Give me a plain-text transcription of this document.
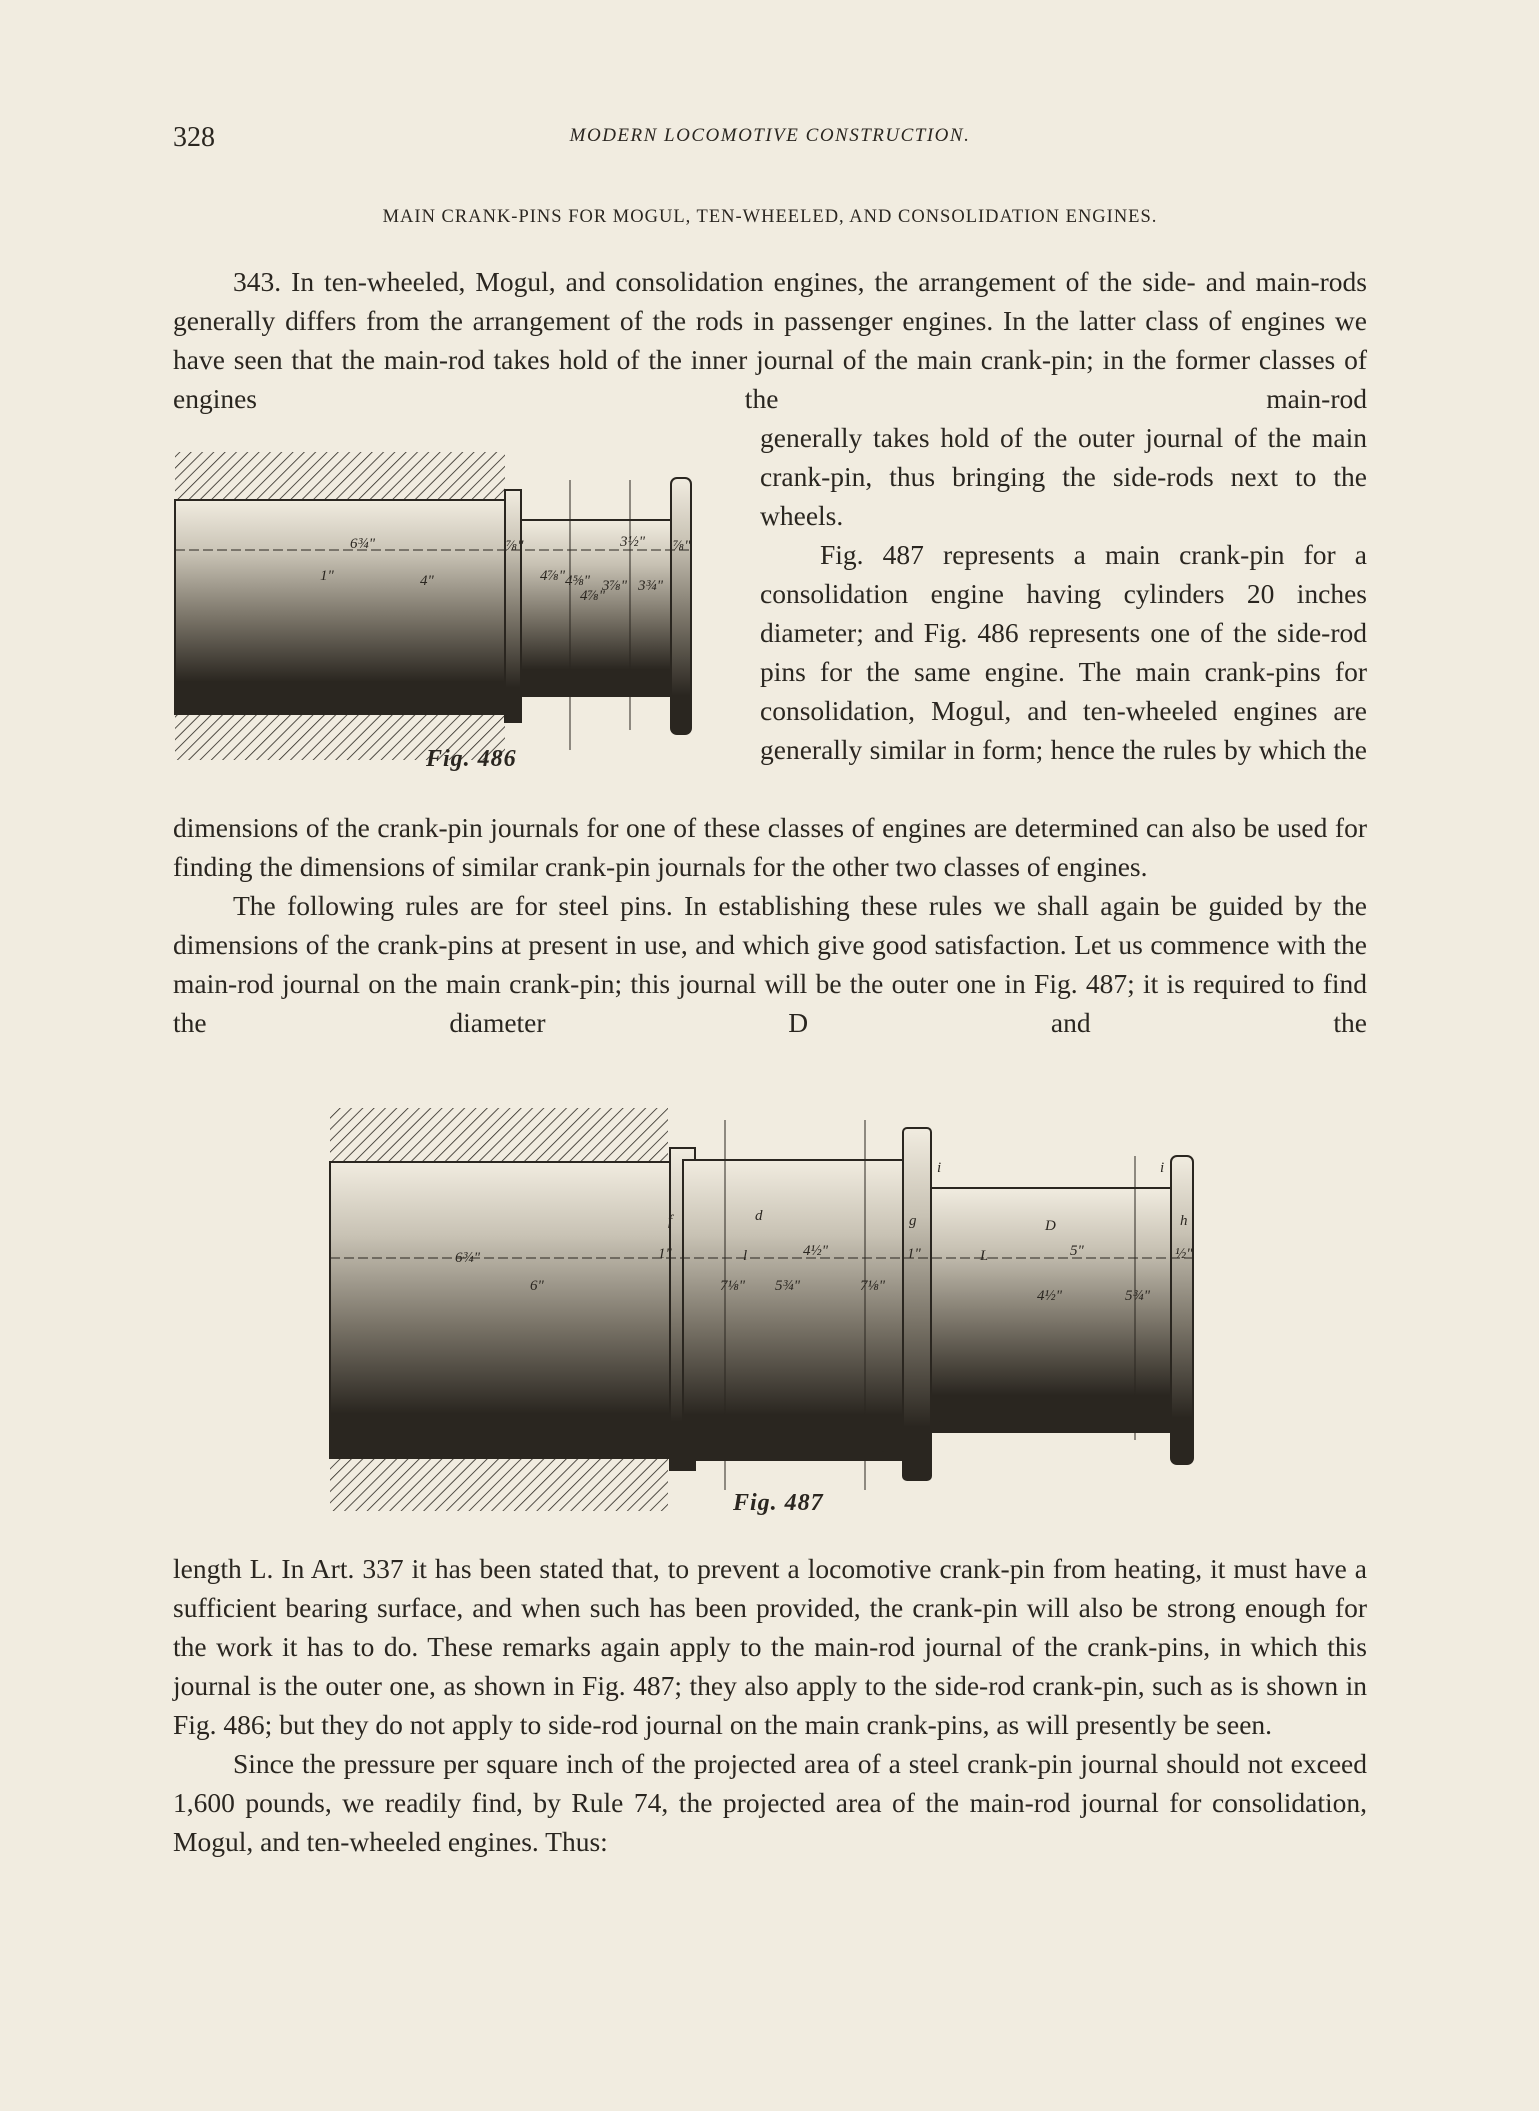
328	MODERN LOCOMOTIVE CONSTRUCTION.
MAIN CRANK-PINS FOR MOGUL, TEN-WHEELED, AND CONSOLIDATION ENGINES.

343. In ten-wheeled, Mogul, and consolidation engines, the arrangement of the side- and main-rods generally differs from the arrangement of the rods in passenger engines. In the latter class of engines we have seen that the main-rod takes hold of the inner journal of the main crank-pin; in the former classes of engines the main-rod

generally takes hold of the outer journal of the main crank-pin, thus bringing the side-rods next to the wheels.

Fig. 487 represents a main crank-pin for a consolidation engine having cylinders 20 inches diameter; and Fig. 486 represents one of the side-rod pins for the same engine. The main crank-pins for consolidation, Mogul, and ten-wheeled engines are generally similar in form; hence the rules by which the

dimensions of the crank-pin journals for one of these classes of engines are determined can also be used for finding the dimensions of similar crank-pin journals for the other two classes of engines.

The following rules are for steel pins. In establishing these rules we shall again be guided by the dimensions of the crank-pins at present in use, and which give good satisfaction. Let us commence with the main-rod journal on the main crank-pin; this journal will be the outer one in Fig. 487; it is required to find the diameter D and the

6¾"
1"	4"	4⅞" 4⅝"
3½"
3⅞" 3¾"
4⅞"
⅞"	⅞"
Fig. 486
6¾"
6"	7⅛" 5¾"
4½"
7⅛"
5"
4½"	5¾"
1"	½"
1"
f
l
d	g
i
i
i
i
L
D	h
Fig. 487

length L. In Art. 337 it has been stated that, to prevent a locomotive crank-pin from heating, it must have a sufficient bearing surface, and when such has been provided, the crank-pin will also be strong enough for the work it has to do. These remarks again apply to the main-rod journal of the crank-pins, in which this journal is the outer one, as shown in Fig. 487; they also apply to the side-rod crank-pin, such as is shown in Fig. 486; but they do not apply to side-rod journal on the main crank-pins, as will presently be seen.

Since the pressure per square inch of the projected area of a steel crank-pin journal should not exceed 1,600 pounds, we readily find, by Rule 74, the projected area of the main-rod journal for consolidation, Mogul, and ten-wheeled engines. Thus:
